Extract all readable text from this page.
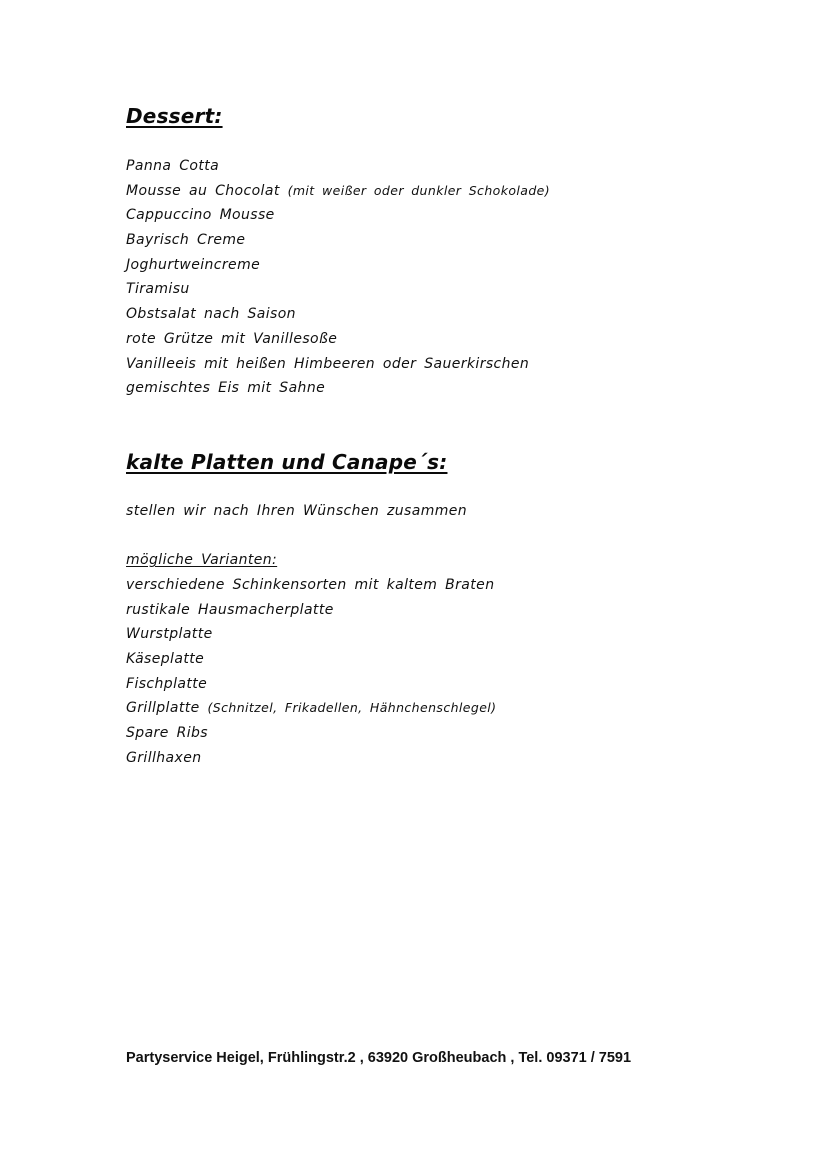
Dessert:
Panna Cotta
Mousse au Chocolat (mit weißer oder dunkler Schokolade)
Cappuccino Mousse
Bayrisch Creme
Joghurtweincreme
Tiramisu
Obstsalat nach Saison
rote Grütze mit Vanillesoße
Vanilleeis mit heißen Himbeeren oder Sauerkirschen
gemischtes Eis mit Sahne
kalte Platten und Canape´s:

stellen wir nach Ihren Wünschen zusammen

mögliche Varianten:

verschiedene Schinkensorten mit kaltem Braten
rustikale Hausmacherplatte
Wurstplatte
Käseplatte
Fischplatte
Grillplatte (Schnitzel, Frikadellen, Hähnchenschlegel)
Spare Ribs
Grillhaxen

Partyservice Heigel, Frühlingstr.2 , 63920 Großheubach , Tel. 09371 / 7591
